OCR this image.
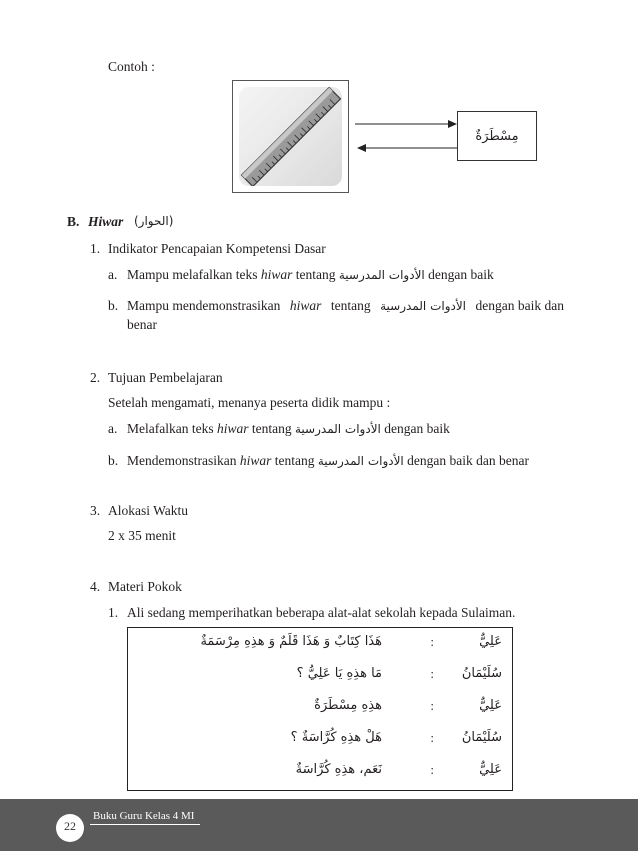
Contoh :
مِسْطَرَةٌ
B. Hiwar (الحوار)
1. Indikator Pencapaian Kompetensi Dasar
a. Mampu melafalkan teks hiwar tentang الأدوات المدرسية dengan baik
b. Mampu mendemonstrasikan hiwar tentang الأدوات المدرسية dengan baik dan
benar
2. Tujuan Pembelajaran
Setelah mengamati, menanya peserta didik mampu :
a. Melafalkan teks hiwar tentang الأدوات المدرسية dengan baik
b. Mendemonstrasikan hiwar tentang الأدوات المدرسية dengan baik dan benar
3. Alokasi Waktu
2 x 35 menit
4. Materi Pokok
1. Ali sedang memperihatkan beberapa alat-alat sekolah kepada Sulaiman.
عَلِيٌّ
:
هَذَا كِتَابٌ وَ هَذَا قَلَمٌ وَ هذِهِ مِرْسَمَةٌ
سُلَيْمَانُ
:
مَا هذِهِ يَا عَلِيُّ ؟
عَلِيٌّ
:
هذِهِ مِسْطَرَةٌ
سُلَيْمَانُ
:
هَلْ هذِهِ كُرَّاسَةٌ ؟
عَلِيٌّ
:
نَعَم، هذِهِ كُرَّاسَةٌ
22
Buku Guru Kelas 4 MI
